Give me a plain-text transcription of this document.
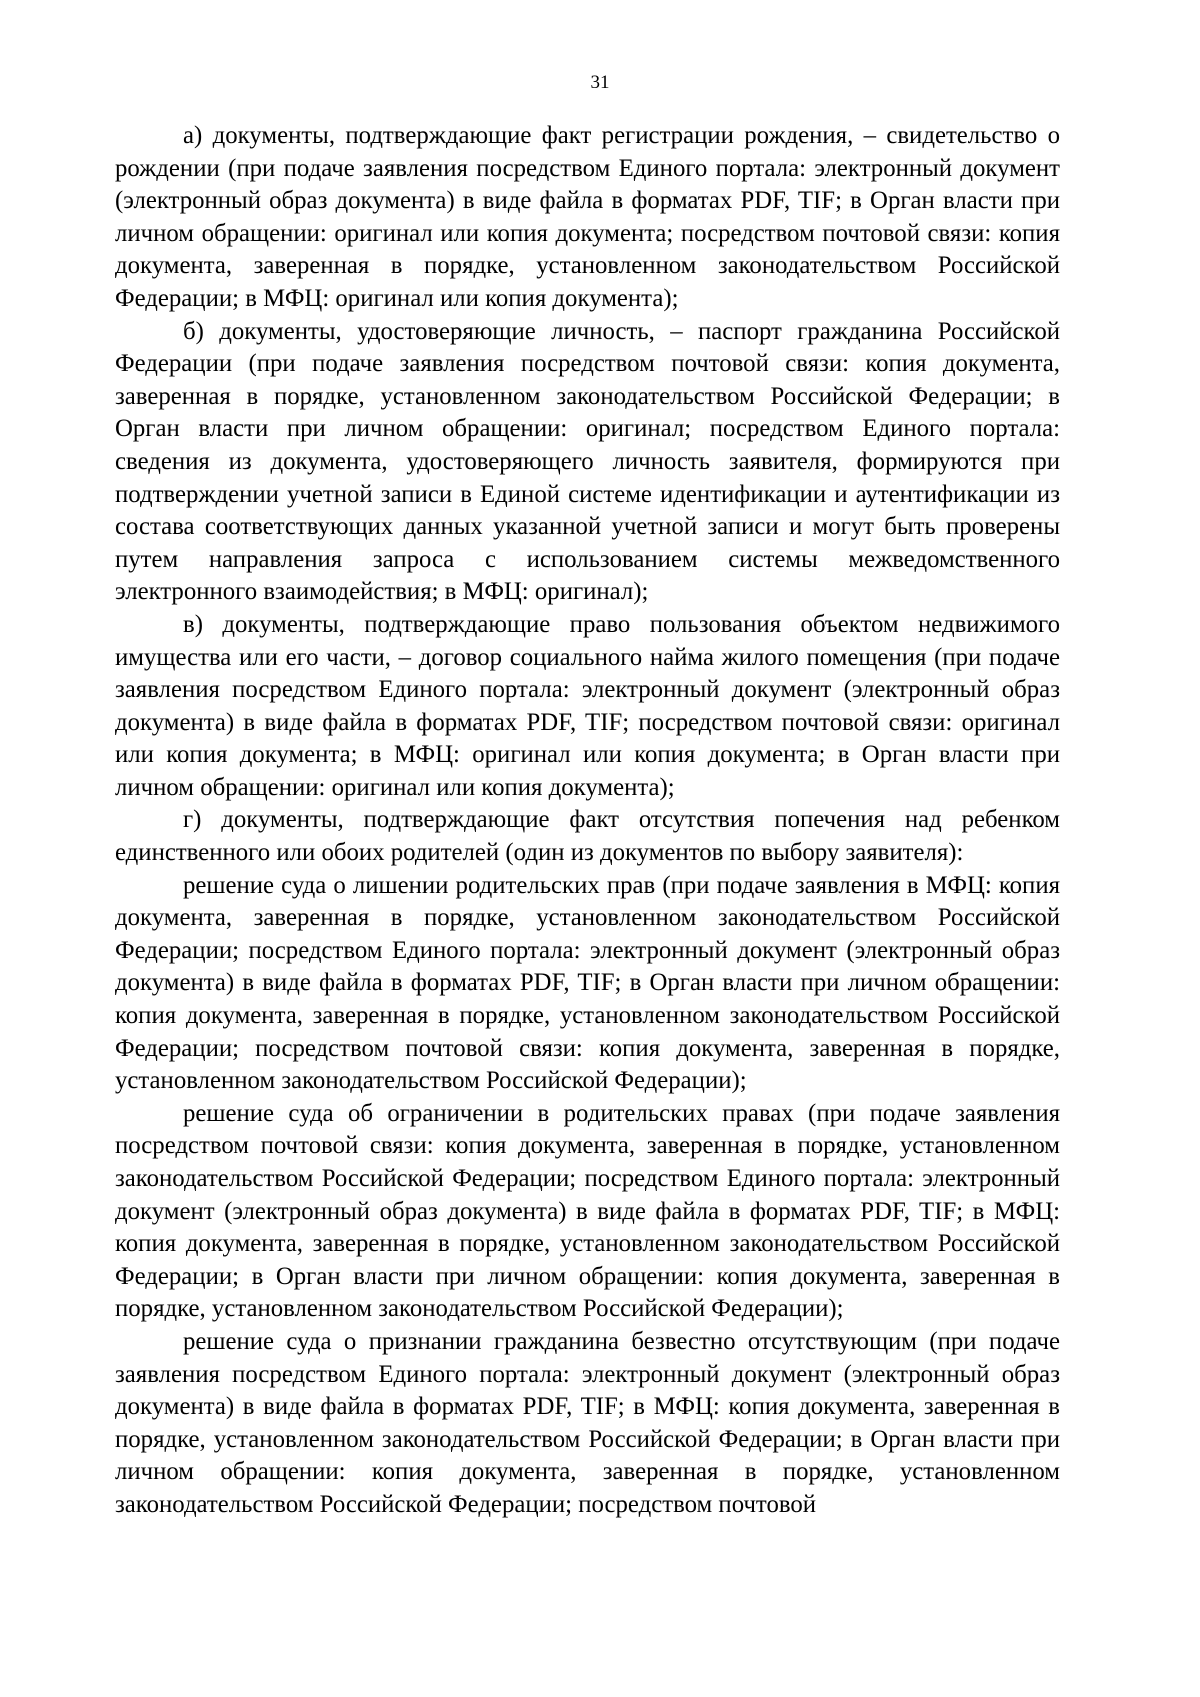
31

а) документы, подтверждающие факт регистрации рождения, – свидетельство о рождении (при подаче заявления посредством Единого портала: электронный документ (электронный образ документа) в виде файла в форматах PDF, TIF; в Орган власти при личном обращении: оригинал или копия документа; посредством почтовой связи: копия документа, заверенная в порядке, установленном законодательством Российской Федерации; в МФЦ: оригинал или копия документа);

б) документы, удостоверяющие личность, – паспорт гражданина Российской Федерации (при подаче заявления посредством почтовой связи: копия документа, заверенная в порядке, установленном законодательством Российской Федерации; в Орган власти при личном обращении: оригинал; посредством Единого портала: сведения из документа, удостоверяющего личность заявителя, формируются при подтверждении учетной записи в Единой системе идентификации и аутентификации из состава соответствующих данных указанной учетной записи и могут быть проверены путем направления запроса с использованием системы межведомственного электронного взаимодействия; в МФЦ: оригинал);

в) документы, подтверждающие право пользования объектом недвижимого имущества или его части, – договор социального найма жилого помещения (при подаче заявления посредством Единого портала: электронный документ (электронный образ документа) в виде файла в форматах PDF, TIF; посредством почтовой связи: оригинал или копия документа; в МФЦ: оригинал или копия документа; в Орган власти при личном обращении: оригинал или копия документа);

г) документы, подтверждающие факт отсутствия попечения над ребенком единственного или обоих родителей (один из документов по выбору заявителя):

решение суда о лишении родительских прав (при подаче заявления в МФЦ: копия документа, заверенная в порядке, установленном законодательством Российской Федерации; посредством Единого портала: электронный документ (электронный образ документа) в виде файла в форматах PDF, TIF; в Орган власти при личном обращении: копия документа, заверенная в порядке, установленном законодательством Российской Федерации; посредством почтовой связи: копия документа, заверенная в порядке, установленном законодательством Российской Федерации);

решение суда об ограничении в родительских правах (при подаче заявления посредством почтовой связи: копия документа, заверенная в порядке, установленном законодательством Российской Федерации; посредством Единого портала: электронный документ (электронный образ документа) в виде файла в форматах PDF, TIF; в МФЦ: копия документа, заверенная в порядке, установленном законодательством Российской Федерации; в Орган власти при личном обращении: копия документа, заверенная в порядке, установленном законодательством Российской Федерации);

решение суда о признании гражданина безвестно отсутствующим (при подаче заявления посредством Единого портала: электронный документ (электронный образ документа) в виде файла в форматах PDF, TIF; в МФЦ: копия документа, заверенная в порядке, установленном законодательством Российской Федерации; в Орган власти при личном обращении: копия документа, заверенная в порядке, установленном законодательством Российской Федерации; посредством почтовой
